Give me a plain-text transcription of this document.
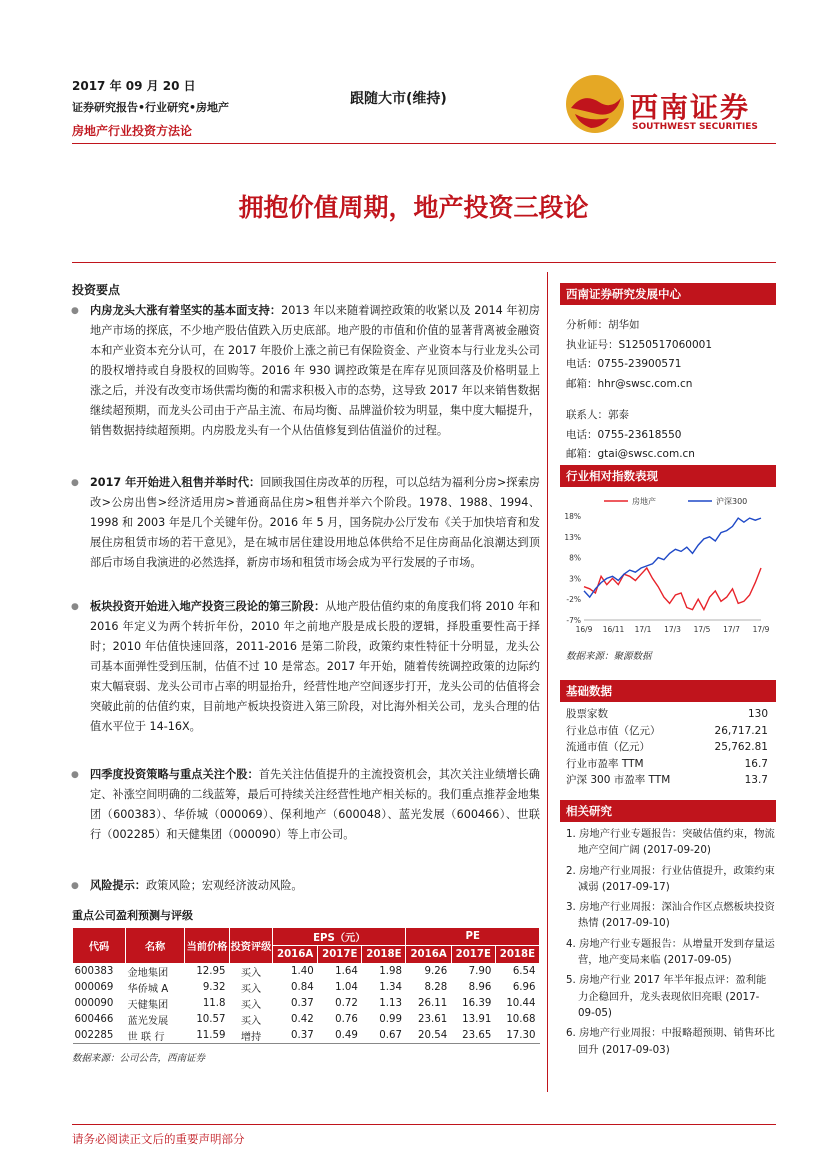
2017 年 09 月 20 日
证券研究报告•行业研究•房地产
房地产行业投资方法论
跟随大市(维持)	西南证券
SOUTHWEST SECURITIES
拥抱价值周期，地产投资三段论
投资要点
● 内房龙头大涨有着坚实的基本面支持：2013 年以来随着调控政策的收紧以及 2014 年初房地产市场的探底，不少地产股估值跌入历史底部。地产股的市值和价值的显著背离被金融资本和产业资本充分认可，在 2017 年股价上涨之前已有保险资金、产业资本与行业龙头公司的股权增持或自身股权的回购等。2016 年 930 调控政策是在库存见顶回落及价格明显上涨之后，并没有改变市场供需均衡的和需求积极入市的态势，这导致 2017 年以来销售数据继续超预期，而龙头公司由于产品主流、布局均衡、品牌溢价较为明显，集中度大幅提升，销售数据持续超预期。内房股龙头有一个从估值修复到估值溢价的过程。
● 2017 年开始进入租售并举时代：回顾我国住房改革的历程，可以总结为福利分房>探索房改>公房出售>经济适用房>普通商品住房>租售并举六个阶段。1978、1988、1994、1998 和 2003 年是几个关键年份。2016 年 5 月，国务院办公厅发布《关于加快培育和发展住房租赁市场的若干意见》，是在城市居住建设用地总体供给不足住房商品化浪潮达到顶部后市场自我演进的必然选择，新房市场和租赁市场会成为平行发展的子市场。
● 板块投资开始进入地产投资三段论的第三阶段：从地产股估值约束的角度我们将 2010 年和 2016 年定义为两个转折年份，2010 年之前地产股是成长股的逻辑，择股重要性高于择时；2010 年估值快速回落，2011-2016 是第二阶段，政策约束性特征十分明显，龙头公司基本面弹性受到压制，估值不过 10 是常态。2017 年开始，随着传统调控政策的边际约束大幅衰弱、龙头公司市占率的明显抬升，经营性地产空间逐步打开，龙头公司的估值将会突破此前的估值约束，目前地产板块投资进入第三阶段，对比海外相关公司，龙头合理的估值水平位于 14-16X。
● 四季度投资策略与重点关注个股：首先关注估值提升的主流投资机会，其次关注业绩增长确定、补涨空间明确的二线蓝筹，最后可持续关注经营性地产相关标的。我们重点推荐金地集团（600383）、华侨城（000069）、保利地产（600048）、蓝光发展（600466）、世联行（002285）和天健集团（000090）等上市公司。
● 风险提示：政策风险；宏观经济波动风险。
重点公司盈利预测与评级
代码	名称	当前价格	投资评级	EPS（元）			PE		
				2016A	2017E	2018E	2016A	2017E	2018E
600383	金地集团	12.95	买入	1.40	1.64	1.98	9.26	7.90	6.54
000069	华侨城 A	9.32	买入	0.84	1.04	1.34	8.28	8.96	6.96
000090	天健集团	11.8	买入	0.37	0.72	1.13	26.11	16.39	10.44
600466	蓝光发展	10.57	买入	0.42	0.76	0.99	23.61	13.91	10.68
002285	世 联 行	11.59	增持	0.37	0.49	0.67	20.54	23.65	17.30
数据来源：公司公告，西南证券
西南证券研究发展中心
分析师：胡华如
执业证号：S1250517060001
电话：0755-23900571
邮箱：hhr@swsc.com.cn
联系人：郭泰
电话：0755-23618550
邮箱：gtai@swsc.com.cn
行业相对指数表现
房地产	沪深300
18%
13%
8%
3%
-2%
-7%
16/9 16/11 17/1 17/3 17/5 17/7 17/9
数据来源：聚源数据
基础数据
股票家数	130
行业总市值（亿元）	26,717.21
流通市值（亿元）	25,762.81
行业市盈率 TTM	16.7
沪深 300 市盈率 TTM	13.7
相关研究
1. 房地产行业专题报告：突破估值约束，物流地产空间广阔 (2017-09-20)
2. 房地产行业周报：行业估值提升，政策约束减弱 (2017-09-17)
3. 房地产行业周报：深汕合作区点燃板块投资热情 (2017-09-10)
4. 房地产行业专题报告：从增量开发到存量运营，地产变局来临 (2017-09-05)
5. 房地产行业 2017 年半年报点评：盈利能力企稳回升，龙头表现依旧亮眼 (2017-09-05)
6. 房地产行业周报：中报略超预期、销售环比回升 (2017-09-03)
请务必阅读正文后的重要声明部分
